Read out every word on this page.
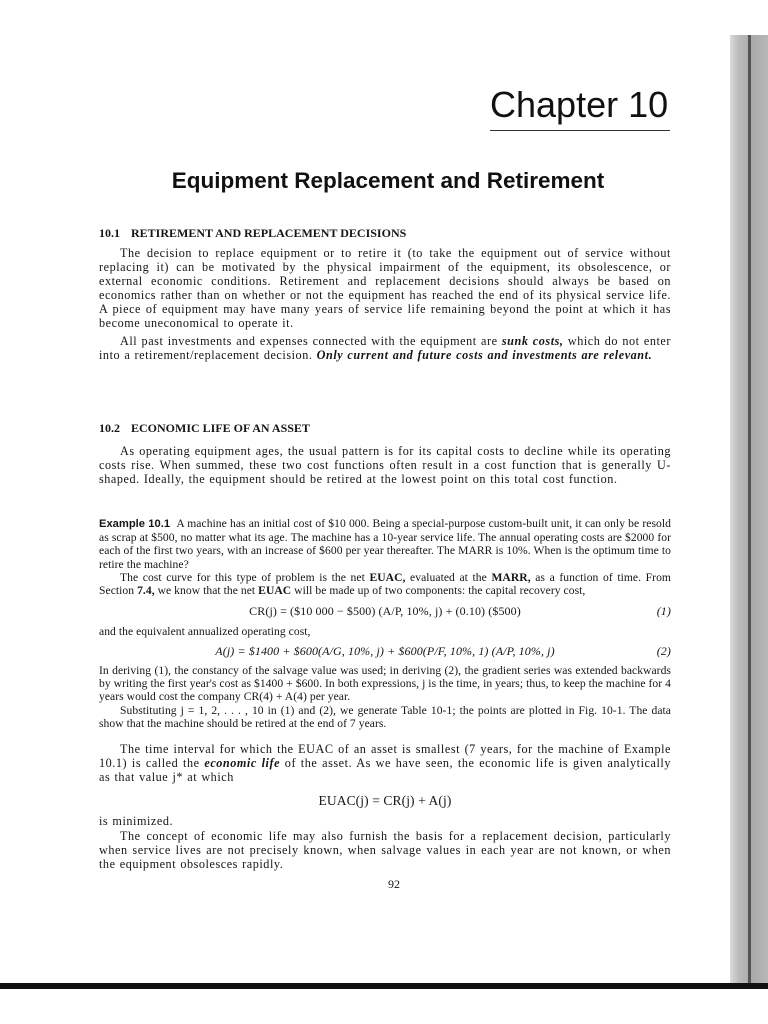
Chapter 10
Equipment Replacement and Retirement
10.1 RETIREMENT AND REPLACEMENT DECISIONS
The decision to replace equipment or to retire it (to take the equipment out of service without replacing it) can be motivated by the physical impairment of the equipment, its obsolescence, or external economic conditions. Retirement and replacement decisions should always be based on economics rather than on whether or not the equipment has reached the end of its physical service life. A piece of equipment may have many years of service life remaining beyond the point at which it has become uneconomical to operate it.
All past investments and expenses connected with the equipment are sunk costs, which do not enter into a retirement/replacement decision. Only current and future costs and investments are relevant.
10.2 ECONOMIC LIFE OF AN ASSET
As operating equipment ages, the usual pattern is for its capital costs to decline while its operating costs rise. When summed, these two cost functions often result in a cost function that is generally U-shaped. Ideally, the equipment should be retired at the lowest point on this total cost function.
Example 10.1 A machine has an initial cost of $10 000. Being a special-purpose custom-built unit, it can only be resold as scrap at $500, no matter what its age. The machine has a 10-year service life. The annual operating costs are $2000 for each of the first two years, with an increase of $600 per year thereafter. The MARR is 10%. When is the optimum time to retire the machine?
The cost curve for this type of problem is the net EUAC, evaluated at the MARR, as a function of time. From Section 7.4, we know that the net EUAC will be made up of two components: the capital recovery cost,
CR(j) = ($10 000 − $500) (A/P, 10%, j) + (0.10) ($500)	(1)
and the equivalent annualized operating cost,
A(j) = $1400 + $600(A/G, 10%, j) + $600(P/F, 10%, 1) (A/P, 10%, j)	(2)
In deriving (1), the constancy of the salvage value was used; in deriving (2), the gradient series was extended backwards by writing the first year's cost as $1400 + $600. In both expressions, j is the time, in years; thus, to keep the machine for 4 years would cost the company CR(4) + A(4) per year.
Substituting j = 1, 2, . . . , 10 in (1) and (2), we generate Table 10-1; the points are plotted in Fig. 10-1. The data show that the machine should be retired at the end of 7 years.
The time interval for which the EUAC of an asset is smallest (7 years, for the machine of Example 10.1) is called the economic life of the asset. As we have seen, the economic life is given analytically as that value j* at which
EUAC(j) = CR(j) + A(j)
is minimized.
The concept of economic life may also furnish the basis for a replacement decision, particularly when service lives are not precisely known, when salvage values in each year are not known, or when the equipment obsolesces rapidly.
92
